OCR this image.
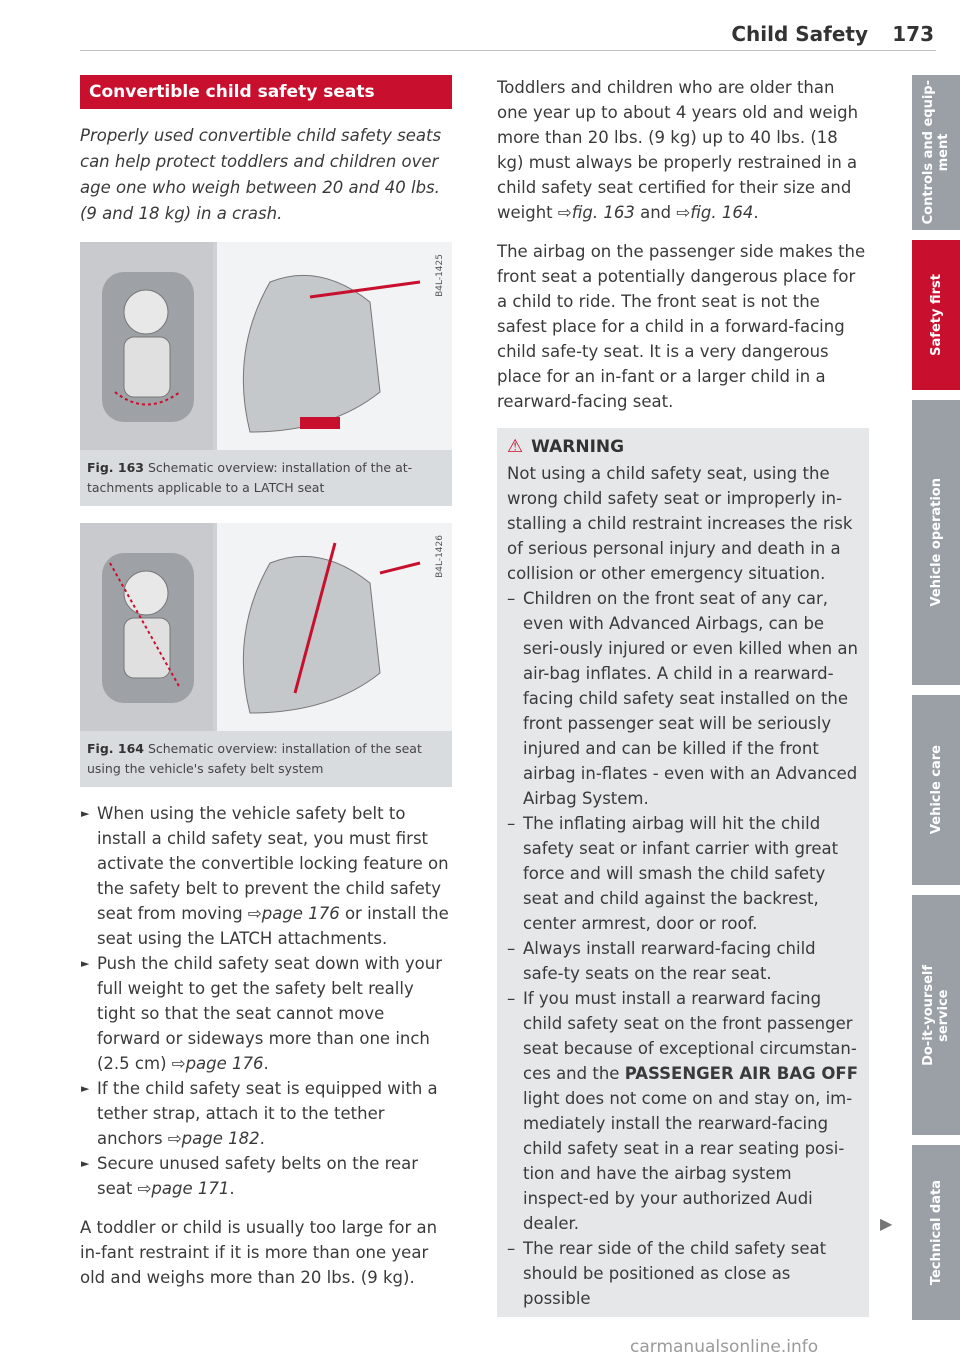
Child Safety 173
Convertible child safety seats

Properly used convertible child safety seats can help protect toddlers and children over age one who weigh between 20 and 40 lbs. (9 and 18 kg) in a crash.

B4L-1425
Fig. 163 Schematic overview: installation of the at-tachments applicable to a LATCH seat
B4L-1426
Fig. 164 Schematic overview: installation of the seat using the vehicle's safety belt system
► When using the vehicle safety belt to install a child safety seat, you must first activate the convertible locking feature on the safety belt to prevent the child safety seat from moving ⇨page 176 or install the seat using the LATCH attachments.
► Push the child safety seat down with your full weight to get the safety belt really tight so that the seat cannot move forward or sideways more than one inch (2.5 cm) ⇨page 176.
► If the child safety seat is equipped with a tether strap, attach it to the tether anchors ⇨page 182.
► Secure unused safety belts on the rear seat ⇨page 171.

A toddler or child is usually too large for an in-fant restraint if it is more than one year old and weighs more than 20 lbs. (9 kg).

Toddlers and children who are older than one year up to about 4 years old and weigh more than 20 lbs. (9 kg) up to 40 lbs. (18 kg) must always be properly restrained in a child safety seat certified for their size and weight ⇨fig. 163 and ⇨fig. 164.

The airbag on the passenger side makes the front seat a potentially dangerous place for a child to ride. The front seat is not the safest place for a child in a forward-facing child safe-ty seat. It is a very dangerous place for an in-fant or a larger child in a rearward-facing seat.

⚠ WARNING
Not using a child safety seat, using the wrong child safety seat or improperly in-stalling a child restraint increases the risk of serious personal injury and death in a collision or other emergency situation.
– Children on the front seat of any car, even with Advanced Airbags, can be seri-ously injured or even killed when an air-bag inflates. A child in a rearward-facing child safety seat installed on the front passenger seat will be seriously injured and can be killed if the front airbag in-flates - even with an Advanced Airbag System.
– The inflating airbag will hit the child safety seat or infant carrier with great force and will smash the child safety seat and child against the backrest, center armrest, door or roof.
– Always install rearward-facing child safe-ty seats on the rear seat.
– If you must install a rearward facing child safety seat on the front passenger seat because of exceptional circumstan-ces and the PASSENGER AIR BAG OFF light does not come on and stay on, im-mediately install the rearward-facing child safety seat in a rear seating posi-tion and have the airbag system inspect-ed by your authorized Audi dealer.
– The rear side of the child safety seat should be positioned as close as possible
▶
Controls and equip-
ment
Safety first
Vehicle operation
Vehicle care
Do-it-yourself
service
Technical data
carmanualsonline.info
